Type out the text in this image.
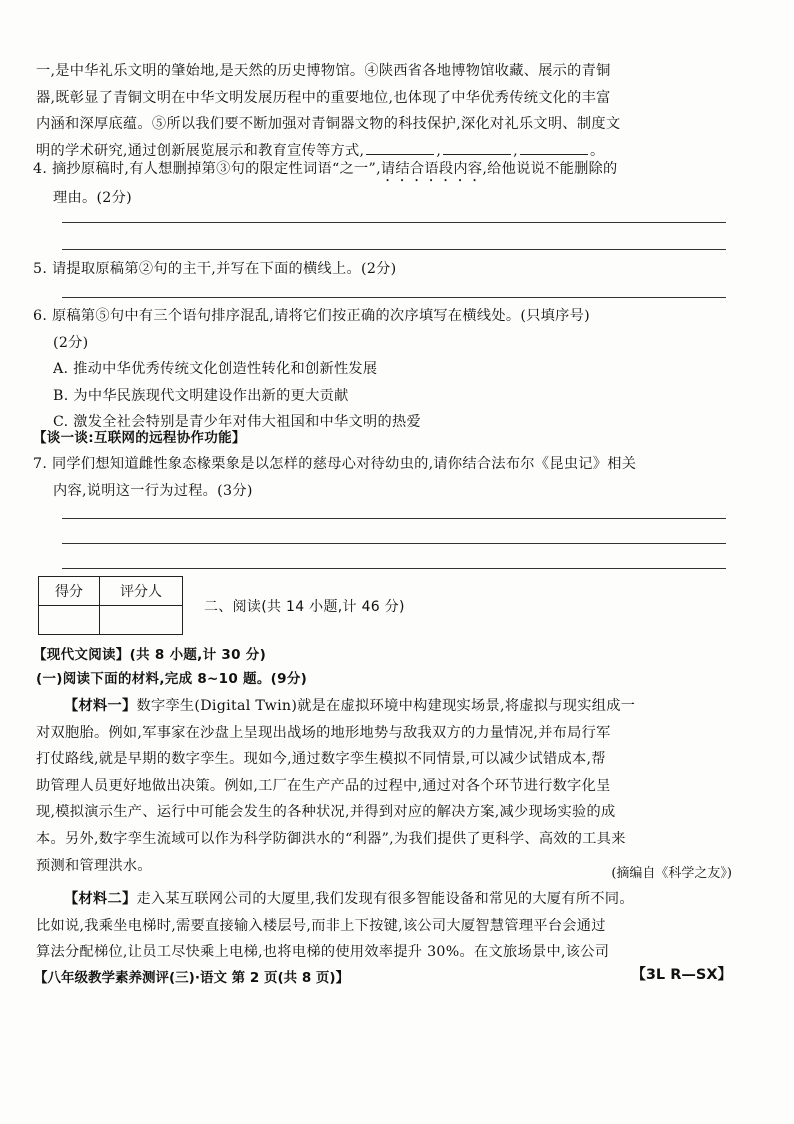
一,是中华礼乐文明的肇始地,是天然的历史博物馆。④陕西省各地博物馆收藏、展示的青铜
器,既彰显了青铜文明在中华文明发展历程中的重要地位,也体现了中华优秀传统文化的丰富
内涵和深厚底蕴。⑤所以我们要不断加强对青铜器文物的科技保护,深化对礼乐文明、制度文
明的学术研究,通过创新展览展示和教育宣传等方式,	,	,	。
4. 摘抄原稿时,有人想删掉第③句的限定性词语“之一”,请结合语段内容,给他说说不能删除的
理由。(2分)
5. 请提取原稿第②句的主干,并写在下面的横线上。(2分)
6. 原稿第⑤句中有三个语句排序混乱,请将它们按正确的次序填写在横线处。(只填序号)
(2分)
A. 推动中华优秀传统文化创造性转化和创新性发展
B. 为中华民族现代文明建设作出新的更大贡献
C. 激发全社会特别是青少年对伟大祖国和中华文明的热爱
【谈一谈:互联网的远程协作功能】
7. 同学们想知道雌性象态椽栗象是以怎样的慈母心对待幼虫的,请你结合法布尔《昆虫记》相关
内容,说明这一行为过程。(3分)
得分	评分人

二、阅读(共 14 小题,计 46 分)
【现代文阅读】(共 8 小题,计 30 分)
(一)阅读下面的材料,完成 8~10 题。(9分)
【材料一】数字孪生(Digital Twin)就是在虚拟环境中构建现实场景,将虚拟与现实组成一
对双胞胎。例如,军事家在沙盘上呈现出战场的地形地势与敌我双方的力量情况,并布局行军
打仗路线,就是早期的数字孪生。现如今,通过数字孪生模拟不同情景,可以减少试错成本,帮
助管理人员更好地做出决策。例如,工厂在生产产品的过程中,通过对各个环节进行数字化呈
现,模拟演示生产、运行中可能会发生的各种状况,并得到对应的解决方案,减少现场实验的成
本。另外,数字孪生流域可以作为科学防御洪水的“利器”,为我们提供了更科学、高效的工具来
预测和管理洪水。	(摘编自《科学之友》)
【材料二】走入某互联网公司的大厦里,我们发现有很多智能设备和常见的大厦有所不同。
比如说,我乘坐电梯时,需要直接输入楼层号,而非上下按键,该公司大厦智慧管理平台会通过
算法分配梯位,让员工尽快乘上电梯,也将电梯的使用效率提升 30%。在文旅场景中,该公司
【八年级教学素养测评(三)·语文 第 2 页(共 8 页)】	【3L R—SX】
